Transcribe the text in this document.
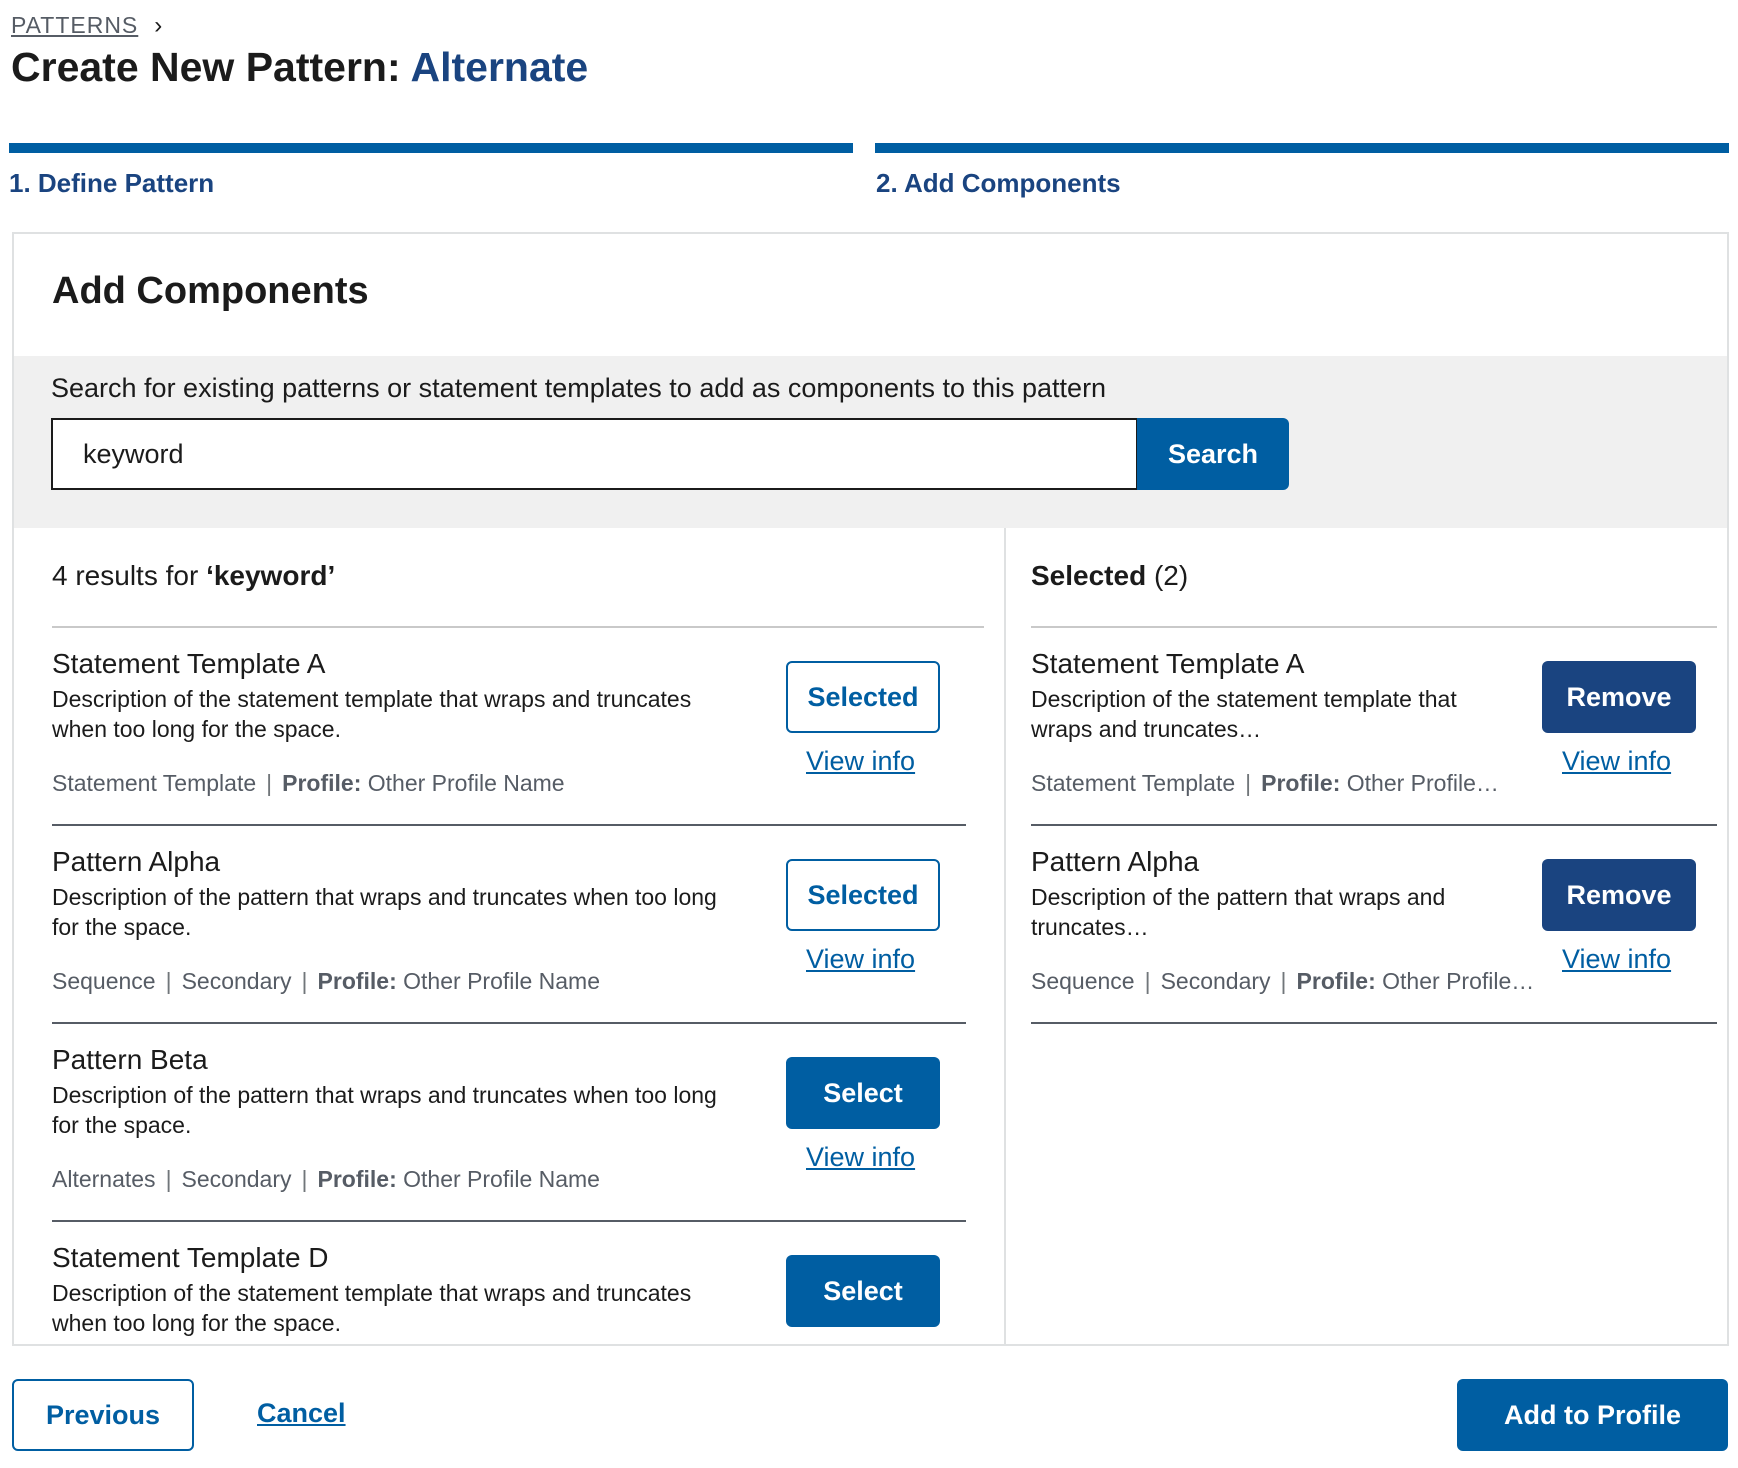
PATTERNS ›
Create New Pattern: Alternate
1. Define Pattern	2. Add Components
Add Components
Search for existing patterns or statement templates to add as components to this pattern
keyword
Search
4 results for ‘keyword’
Statement Template A
Description of the statement template that wraps and truncates when too long for the space.
Statement Template | Profile: Other Profile Name
Selected
View info
Pattern Alpha
Description of the pattern that wraps and truncates when too long for the space.
Sequence | Secondary | Profile: Other Profile Name
Selected
View info
Pattern Beta
Description of the pattern that wraps and truncates when too long for the space.
Alternates | Secondary | Profile: Other Profile Name
Select
View info
Statement Template D
Description of the statement template that wraps and truncates when too long for the space.
Select
Selected (2)
Statement Template A
Description of the statement template that wraps and truncates…
Statement Template | Profile: Other Profile…
Remove
View info
Pattern Alpha
Description of the pattern that wraps and truncates…
Sequence | Secondary | Profile: Other Profile…
Remove
View info
Previous	Cancel	Add to Profile
